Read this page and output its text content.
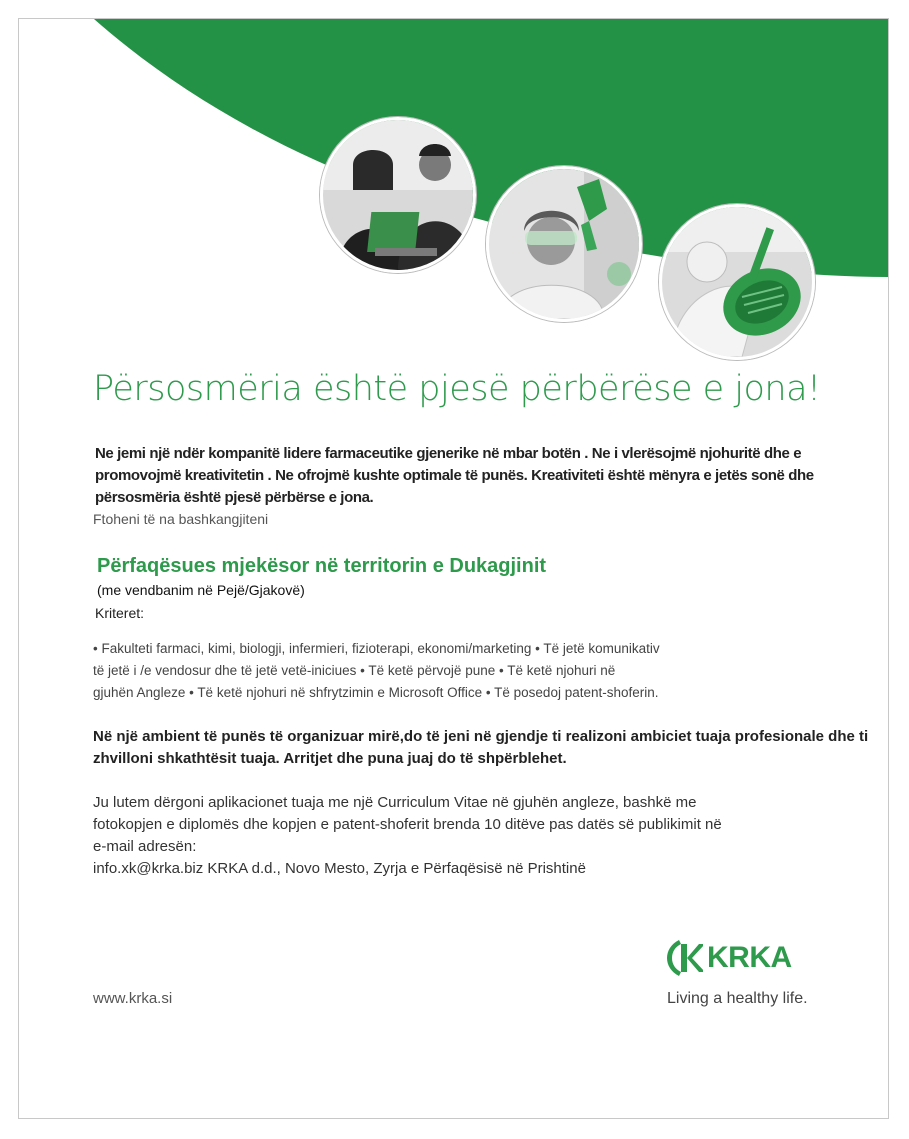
Përsosmëria është pjesë përbërëse e jona!
Ne jemi një ndër kompanitë lidere farmaceutike gjenerike në mbar botën . Ne i vlerësojmë njohuritë dhe e promovojmë kreativitetin . Ne ofrojmë kushte optimale të punës. Kreativiteti është mënyra e jetës sonë dhe përsosmëria është pjesë përbërse e jona.
Ftoheni të na bashkangjiteni
Përfaqësues mjekësor në territorin e Dukagjinit
(me vendbanim në Pejë/Gjakovë)
Kriteret:
• Fakulteti farmaci, kimi, biologji, infermieri, fizioterapi, ekonomi/marketing • Të jetë komunikativ
të jetë i /e vendosur dhe të jetë vetë-iniciues • Të ketë përvojë pune • Të ketë njohuri në
gjuhën Angleze • Të ketë njohuri në shfrytzimin e Microsoft Office • Të posedoj patent-shoferin.
Në një ambient të punës të organizuar mirë,do të jeni në gjendje ti realizoni ambiciet tuaja profesionale dhe ti zhvilloni shkathtësit tuaja. Arritjet dhe puna juaj do të shpërblehet.
Ju lutem dërgoni aplikacionet tuaja me një Curriculum Vitae në gjuhën angleze, bashkë me
fotokopjen e diplomës dhe kopjen e patent-shoferit brenda 10 ditëve pas datës së publikimit në
e-mail adresën:
info.xk@krka.biz KRKA d.d., Novo Mesto, Zyrja e Përfaqësisë në Prishtinë
www.krka.si
KRKA
Living a healthy life.
